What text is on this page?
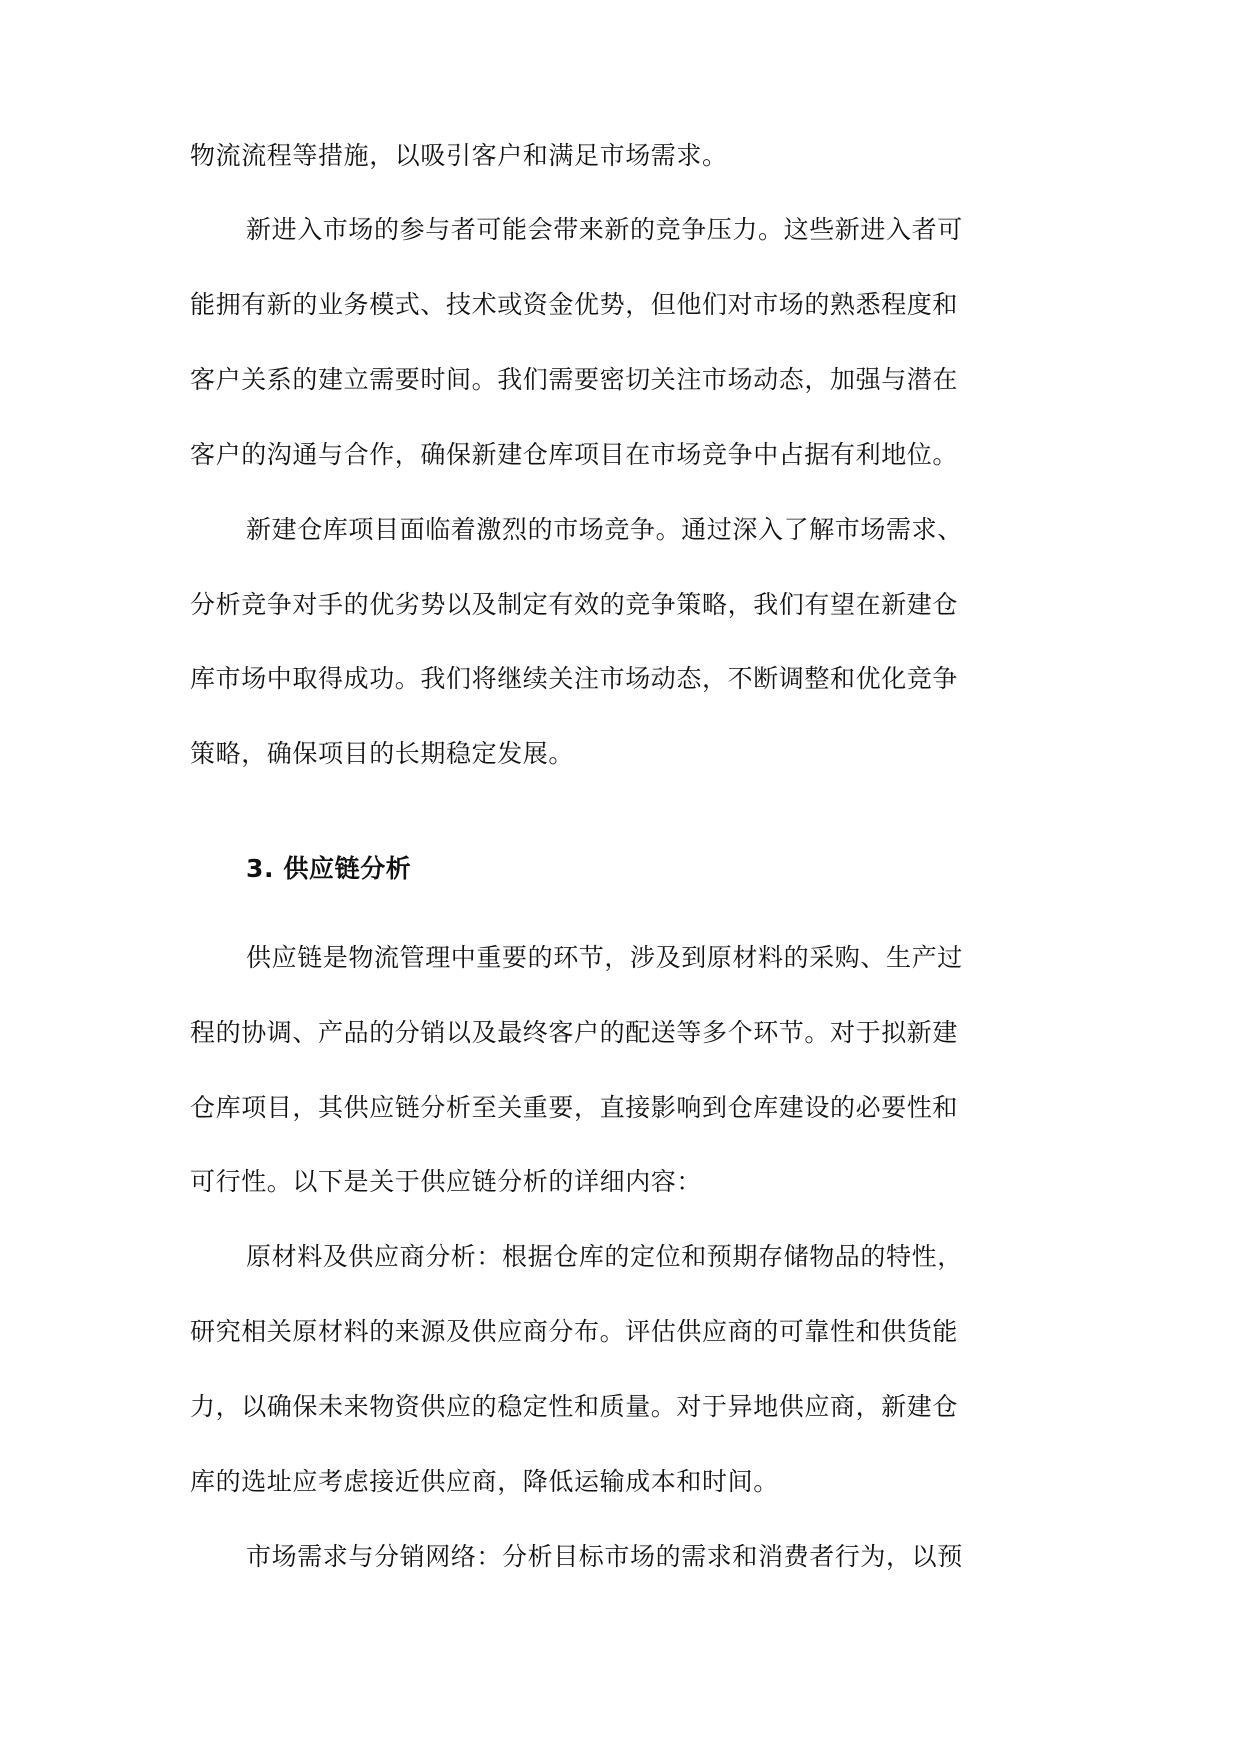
物流流程等措施，以吸引客户和满足市场需求。
新进入市场的参与者可能会带来新的竞争压力。这些新进入者可
能拥有新的业务模式、技术或资金优势，但他们对市场的熟悉程度和
客户关系的建立需要时间。我们需要密切关注市场动态，加强与潜在
客户的沟通与合作，确保新建仓库项目在市场竞争中占据有利地位。
新建仓库项目面临着激烈的市场竞争。通过深入了解市场需求、
分析竞争对手的优劣势以及制定有效的竞争策略，我们有望在新建仓
库市场中取得成功。我们将继续关注市场动态，不断调整和优化竞争
策略，确保项目的长期稳定发展。
3. 供应链分析
供应链是物流管理中重要的环节，涉及到原材料的采购、生产过
程的协调、产品的分销以及最终客户的配送等多个环节。对于拟新建
仓库项目，其供应链分析至关重要，直接影响到仓库建设的必要性和
可行性。以下是关于供应链分析的详细内容：
原材料及供应商分析：根据仓库的定位和预期存储物品的特性，
研究相关原材料的来源及供应商分布。评估供应商的可靠性和供货能
力，以确保未来物资供应的稳定性和质量。对于异地供应商，新建仓
库的选址应考虑接近供应商，降低运输成本和时间。
市场需求与分销网络：分析目标市场的需求和消费者行为，以预
